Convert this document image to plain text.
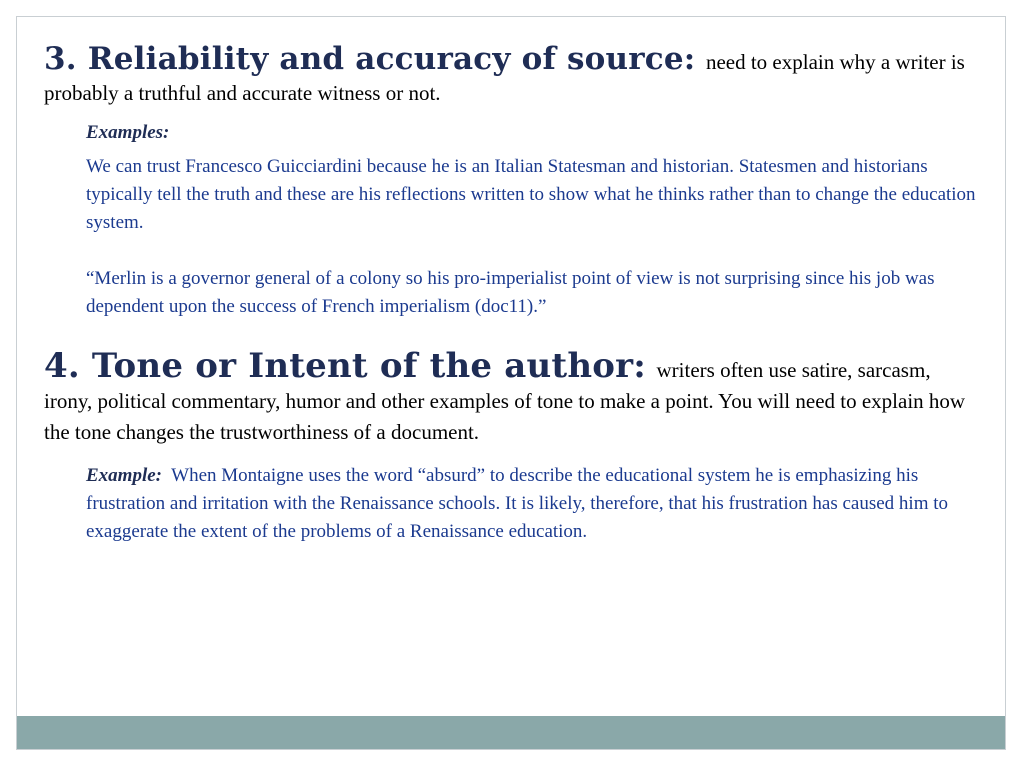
3. Reliability and accuracy of source: need to explain why a writer is probably a truthful and accurate witness or not.

Examples:

We can trust Francesco Guicciardini because he is an Italian Statesman and historian. Statesmen and historians typically tell the truth and these are his reflections written to show what he thinks rather than to change the education system.

“Merlin is a governor general of a colony so his pro-imperialist point of view is not surprising since his job was dependent upon the success of French imperialism (doc11).”

4. Tone or Intent of the author: writers often use satire, sarcasm, irony, political commentary, humor and other examples of tone to make a point. You will need to explain how the tone changes the trustworthiness of a document.

Example: When Montaigne uses the word “absurd” to describe the educational system he is emphasizing his frustration and irritation with the Renaissance schools. It is likely, therefore, that his frustration has caused him to exaggerate the extent of the problems of a Renaissance education.
